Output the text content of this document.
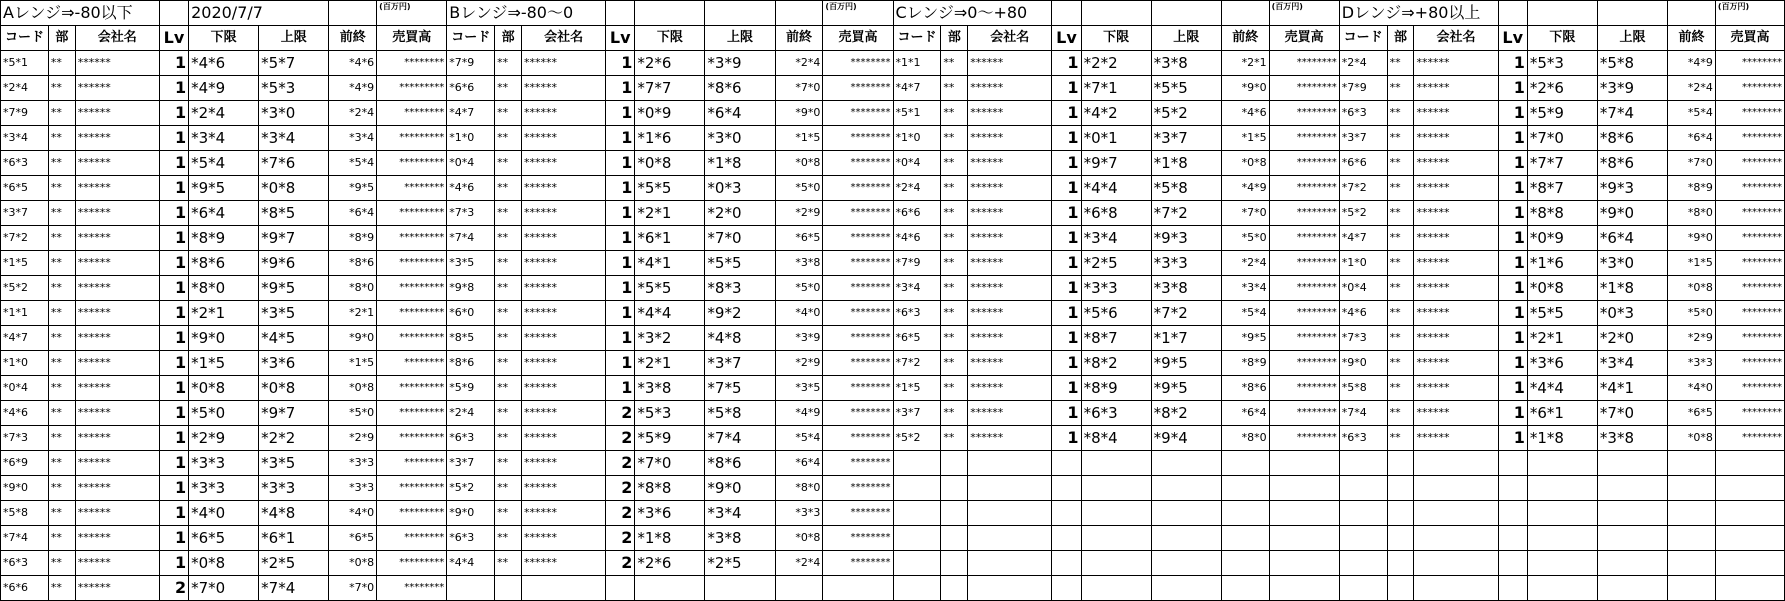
Aレンジ⇒-80以下				2020/7/7			(百万円)	Bレンジ⇒-80～0							(百万円)	Cレンジ⇒0～+80							(百万円)	Dレンジ⇒+80以上							(百万円)
コード	部	会社名	Lv	下限	上限	前終	売買高	コード	部	会社名	Lv	下限	上限	前終	売買高	コード	部	会社名	Lv	下限	上限	前終	売買高	コード	部	会社名	Lv	下限	上限	前終	売買高
*5*1	**	******	1	*4*6	*5*7	*4*6	********	*7*9	**	******	1	*2*6	*3*9	*2*4	********	*1*1	**	******	1	*2*2	*3*8	*2*1	********	*2*4	**	******	1	*5*3	*5*8	*4*9	********
*2*4	**	******	1	*4*9	*5*3	*4*9	*********	*6*6	**	******	1	*7*7	*8*6	*7*0	********	*4*7	**	******	1	*7*1	*5*5	*9*0	********	*7*9	**	******	1	*2*6	*3*9	*2*4	********
*7*9	**	******	1	*2*4	*3*0	*2*4	********	*4*7	**	******	1	*0*9	*6*4	*9*0	********	*5*1	**	******	1	*4*2	*5*2	*4*6	********	*6*3	**	******	1	*5*9	*7*4	*5*4	********
*3*4	**	******	1	*3*4	*3*4	*3*4	*********	*1*0	**	******	1	*1*6	*3*0	*1*5	********	*1*0	**	******	1	*0*1	*3*7	*1*5	********	*3*7	**	******	1	*7*0	*8*6	*6*4	********
*6*3	**	******	1	*5*4	*7*6	*5*4	*********	*0*4	**	******	1	*0*8	*1*8	*0*8	********	*0*4	**	******	1	*9*7	*1*8	*0*8	********	*6*6	**	******	1	*7*7	*8*6	*7*0	********
*6*5	**	******	1	*9*5	*0*8	*9*5	********	*4*6	**	******	1	*5*5	*0*3	*5*0	********	*2*4	**	******	1	*4*4	*5*8	*4*9	********	*7*2	**	******	1	*8*7	*9*3	*8*9	********
*3*7	**	******	1	*6*4	*8*5	*6*4	*********	*7*3	**	******	1	*2*1	*2*0	*2*9	********	*6*6	**	******	1	*6*8	*7*2	*7*0	********	*5*2	**	******	1	*8*8	*9*0	*8*0	********
*7*2	**	******	1	*8*9	*9*7	*8*9	*********	*7*4	**	******	1	*6*1	*7*0	*6*5	********	*4*6	**	******	1	*3*4	*9*3	*5*0	********	*4*7	**	******	1	*0*9	*6*4	*9*0	********
*1*5	**	******	1	*8*6	*9*6	*8*6	*********	*3*5	**	******	1	*4*1	*5*5	*3*8	********	*7*9	**	******	1	*2*5	*3*3	*2*4	********	*1*0	**	******	1	*1*6	*3*0	*1*5	********
*5*2	**	******	1	*8*0	*9*5	*8*0	*********	*9*8	**	******	1	*5*5	*8*3	*5*0	********	*3*4	**	******	1	*3*3	*3*8	*3*4	********	*0*4	**	******	1	*0*8	*1*8	*0*8	********
*1*1	**	******	1	*2*1	*3*5	*2*1	*********	*6*0	**	******	1	*4*4	*9*2	*4*0	********	*6*3	**	******	1	*5*6	*7*2	*5*4	********	*4*6	**	******	1	*5*5	*0*3	*5*0	********
*4*7	**	******	1	*9*0	*4*5	*9*0	*********	*8*5	**	******	1	*3*2	*4*8	*3*9	********	*6*5	**	******	1	*8*7	*1*7	*9*5	********	*7*3	**	******	1	*2*1	*2*0	*2*9	********
*1*0	**	******	1	*1*5	*3*6	*1*5	********	*8*6	**	******	1	*2*1	*3*7	*2*9	********	*7*2	**	******	1	*8*2	*9*5	*8*9	********	*9*0	**	******	1	*3*6	*3*4	*3*3	********
*0*4	**	******	1	*0*8	*0*8	*0*8	*********	*5*9	**	******	1	*3*8	*7*5	*3*5	********	*1*5	**	******	1	*8*9	*9*5	*8*6	********	*5*8	**	******	1	*4*4	*4*1	*4*0	********
*4*6	**	******	1	*5*0	*9*7	*5*0	*********	*2*4	**	******	2	*5*3	*5*8	*4*9	********	*3*7	**	******	1	*6*3	*8*2	*6*4	********	*7*4	**	******	1	*6*1	*7*0	*6*5	********
*7*3	**	******	1	*2*9	*2*2	*2*9	*********	*6*3	**	******	2	*5*9	*7*4	*5*4	********	*5*2	**	******	1	*8*4	*9*4	*8*0	********	*6*3	**	******	1	*1*8	*3*8	*0*8	********
*6*9	**	******	1	*3*3	*3*5	*3*3	********	*3*7	**	******	2	*7*0	*8*6	*6*4	********																
*9*0	**	******	1	*3*3	*3*3	*3*3	*********	*5*2	**	******	2	*8*8	*9*0	*8*0	********																
*5*8	**	******	1	*4*0	*4*8	*4*0	*********	*9*0	**	******	2	*3*6	*3*4	*3*3	********																
*7*4	**	******	1	*6*5	*6*1	*6*5	********	*6*3	**	******	2	*1*8	*3*8	*0*8	********																
*6*3	**	******	1	*0*8	*2*5	*0*8	*********	*4*4	**	******	2	*2*6	*2*5	*2*4	********																
*6*6	**	******	2	*7*0	*7*4	*7*0	********																								
